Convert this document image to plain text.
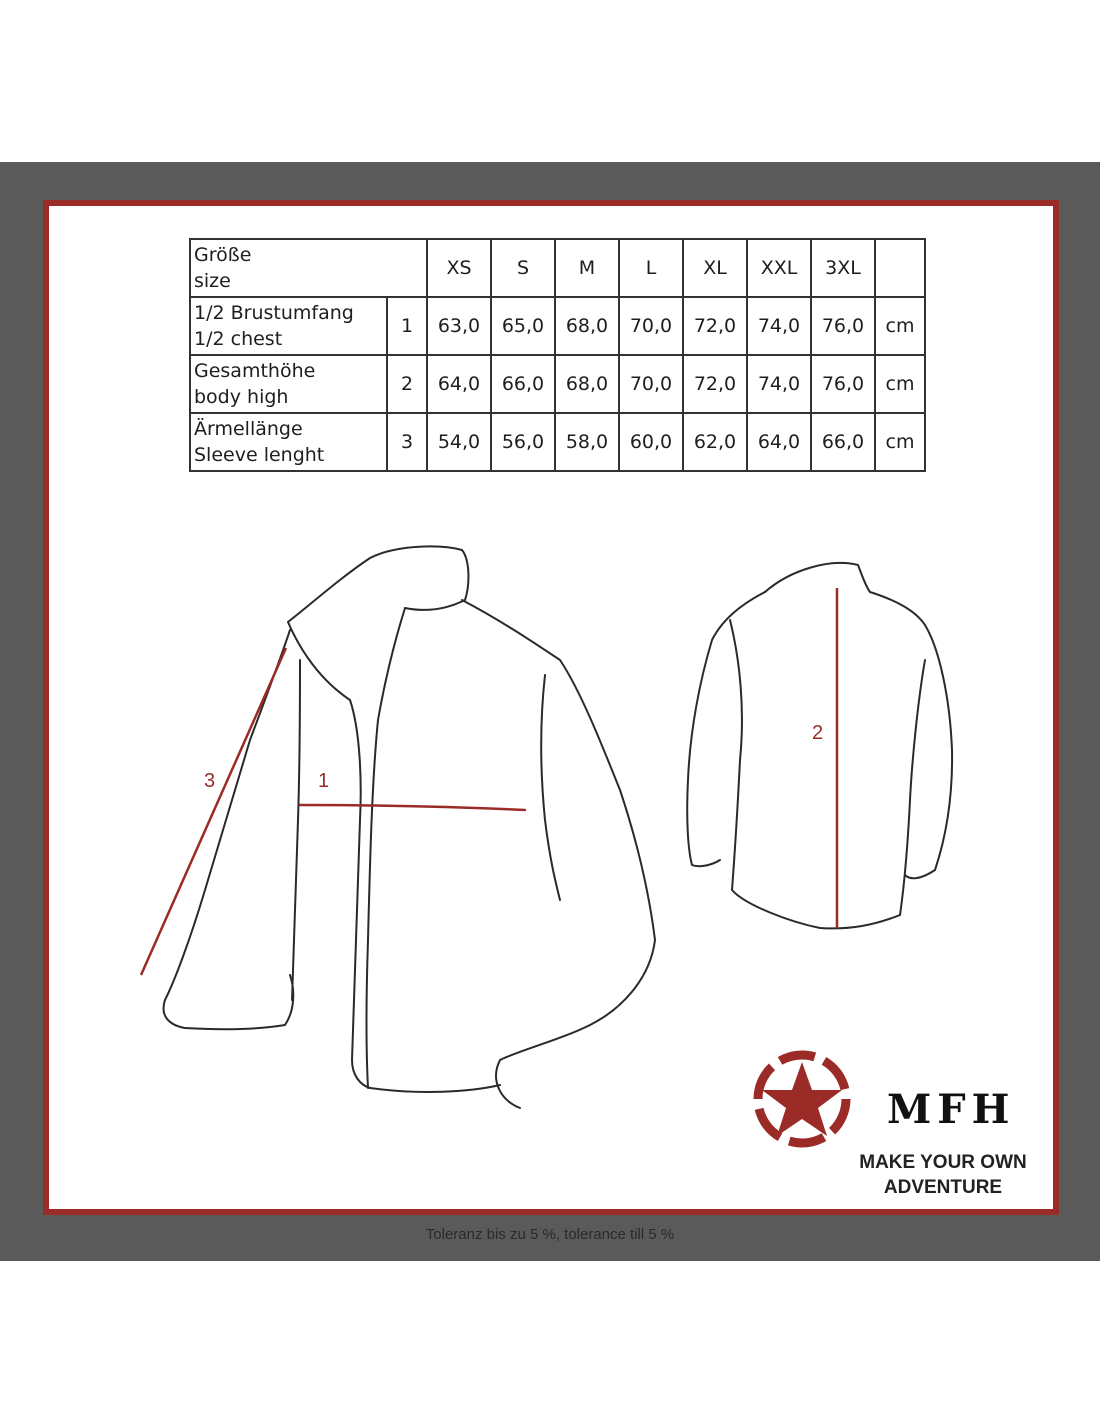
Größe
size		XS	S	M	L	XL	XXL	3XL	

1/2 Brustumfang
1/2 chest	1	63,0	65,0	68,0	70,0	72,0	74,0	76,0	cm

Gesamthöhe
body high	2	64,0	66,0	68,0	70,0	72,0	74,0	76,0	cm

Ärmellänge
Sleeve lenght	3	54,0	56,0	58,0	60,0	62,0	64,0	66,0	cm
MFH
MAKE YOUR OWN
ADVENTURE
Toleranz bis zu 5 %, tolerance till 5 %
3	1
2
